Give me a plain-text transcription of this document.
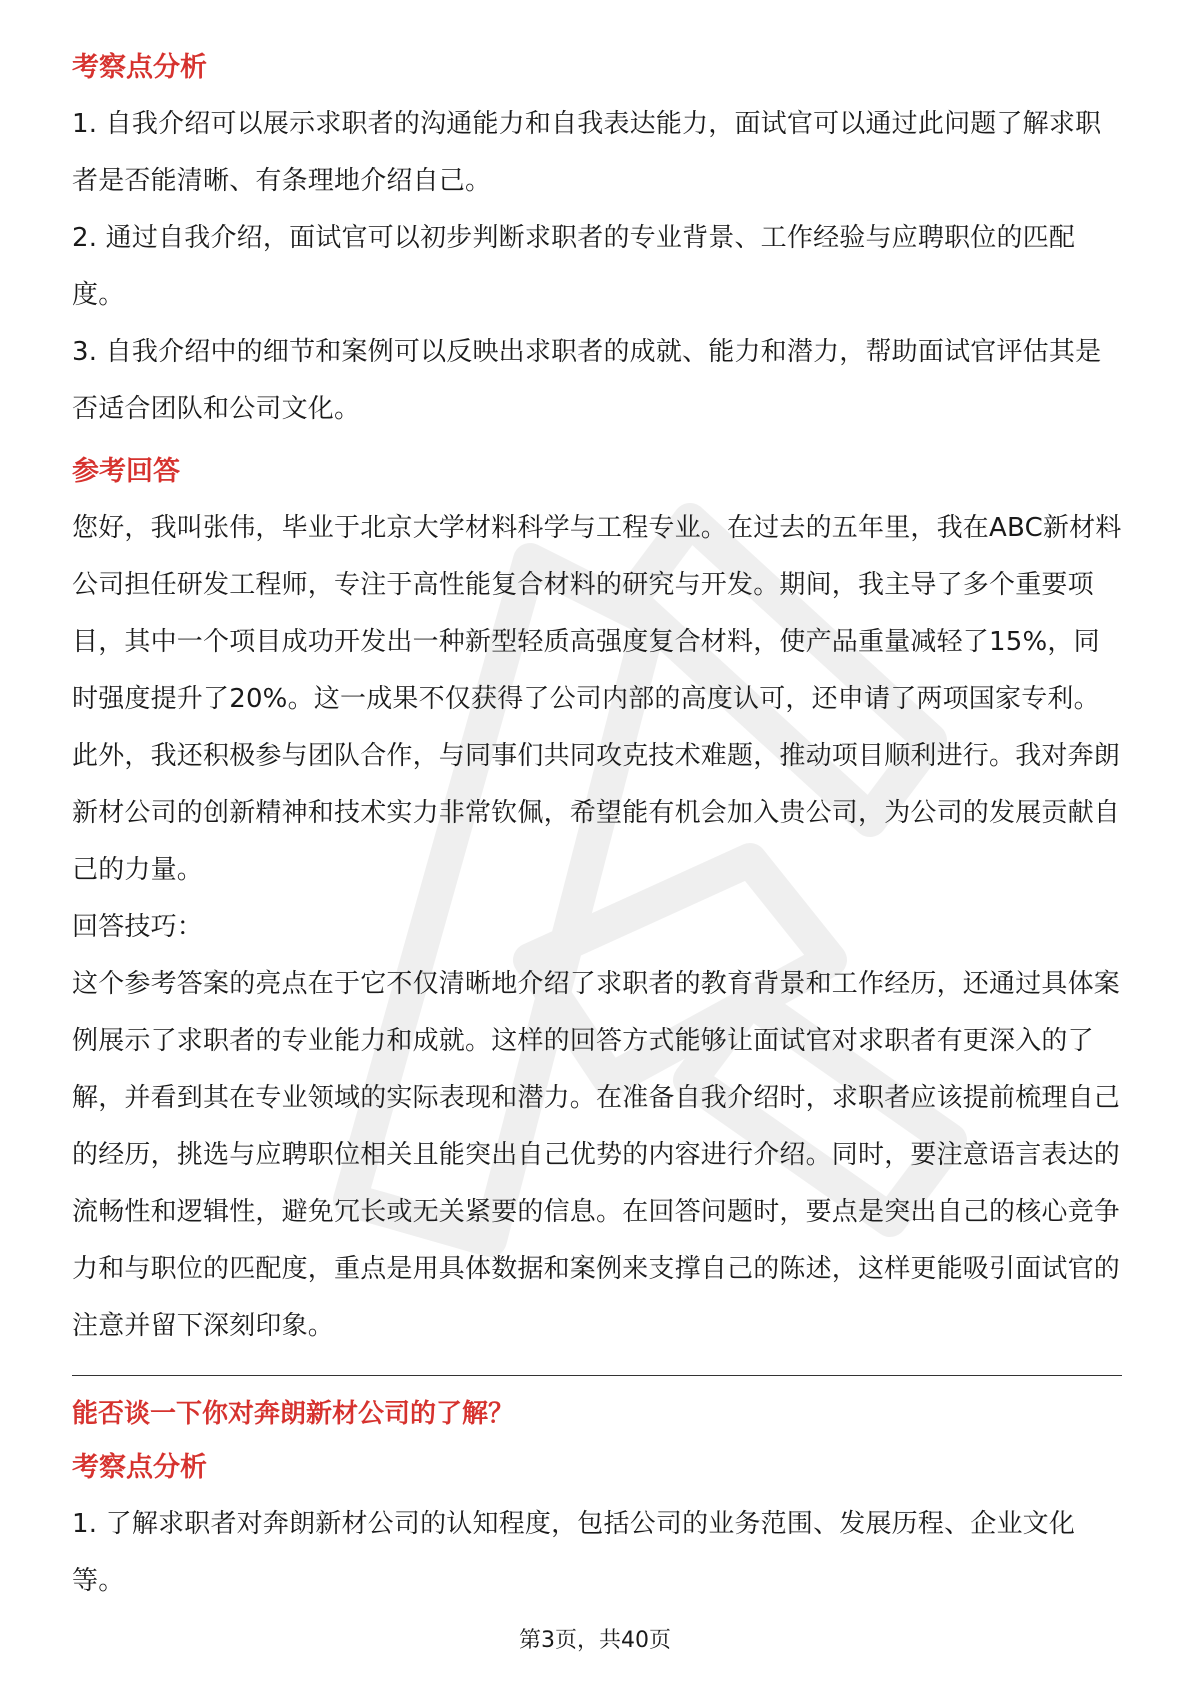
考察点分析

1. 自我介绍可以展示求职者的沟通能力和自我表达能力，面试官可以通过此问题了解求职者是否能清晰、有条理地介绍自己。

2. 通过自我介绍，面试官可以初步判断求职者的专业背景、工作经验与应聘职位的匹配度。

3. 自我介绍中的细节和案例可以反映出求职者的成就、能力和潜力，帮助面试官评估其是否适合团队和公司文化。

参考回答

您好，我叫张伟，毕业于北京大学材料科学与工程专业。在过去的五年里，我在ABC新材料公司担任研发工程师，专注于高性能复合材料的研究与开发。期间，我主导了多个重要项目，其中一个项目成功开发出一种新型轻质高强度复合材料，使产品重量减轻了15%，同时强度提升了20%。这一成果不仅获得了公司内部的高度认可，还申请了两项国家专利。此外，我还积极参与团队合作，与同事们共同攻克技术难题，推动项目顺利进行。我对奔朗新材公司的创新精神和技术实力非常钦佩，希望能有机会加入贵公司，为公司的发展贡献自己的力量。

回答技巧：

这个参考答案的亮点在于它不仅清晰地介绍了求职者的教育背景和工作经历，还通过具体案例展示了求职者的专业能力和成就。这样的回答方式能够让面试官对求职者有更深入的了解，并看到其在专业领域的实际表现和潜力。在准备自我介绍时，求职者应该提前梳理自己的经历，挑选与应聘职位相关且能突出自己优势的内容进行介绍。同时，要注意语言表达的流畅性和逻辑性，避免冗长或无关紧要的信息。在回答问题时，要点是突出自己的核心竞争力和与职位的匹配度，重点是用具体数据和案例来支撑自己的陈述，这样更能吸引面试官的注意并留下深刻印象。

能否谈一下你对奔朗新材公司的了解？
考察点分析

1. 了解求职者对奔朗新材公司的认知程度，包括公司的业务范围、发展历程、企业文化等。

第3页，共40页
